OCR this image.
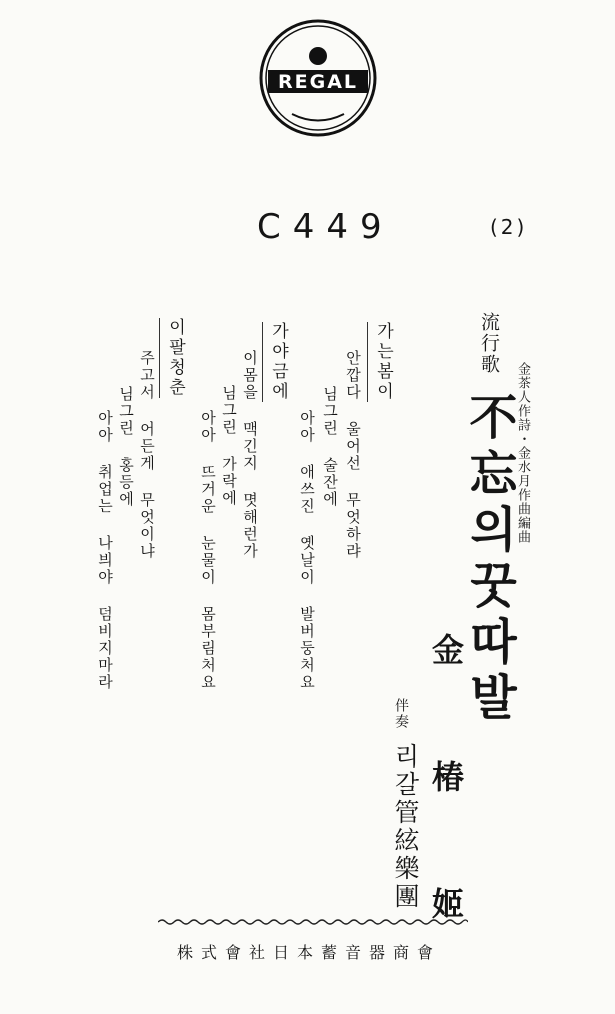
REGAL
C449	(2)
流行歌
金茶人作詩・金水月作曲編曲
不忘의꿋따발
金椿姬
伴奏
리갈管絃樂團
가는봄이
안깝다 울어선 무엇하랴
님그린 술잔에
아아 애쓰진 옛날이 발버둥처요
가야금에
이몸을 맥긴지 몃해런가
님그린 가락에
아아 뜨거운 눈물이 몸부림처요
이팔청춘
주고서 어든게 무엇이냐
님그린 홍등에
아아 취업는 나븨야 덤비지마라
株式會社日本蓄音器商會
